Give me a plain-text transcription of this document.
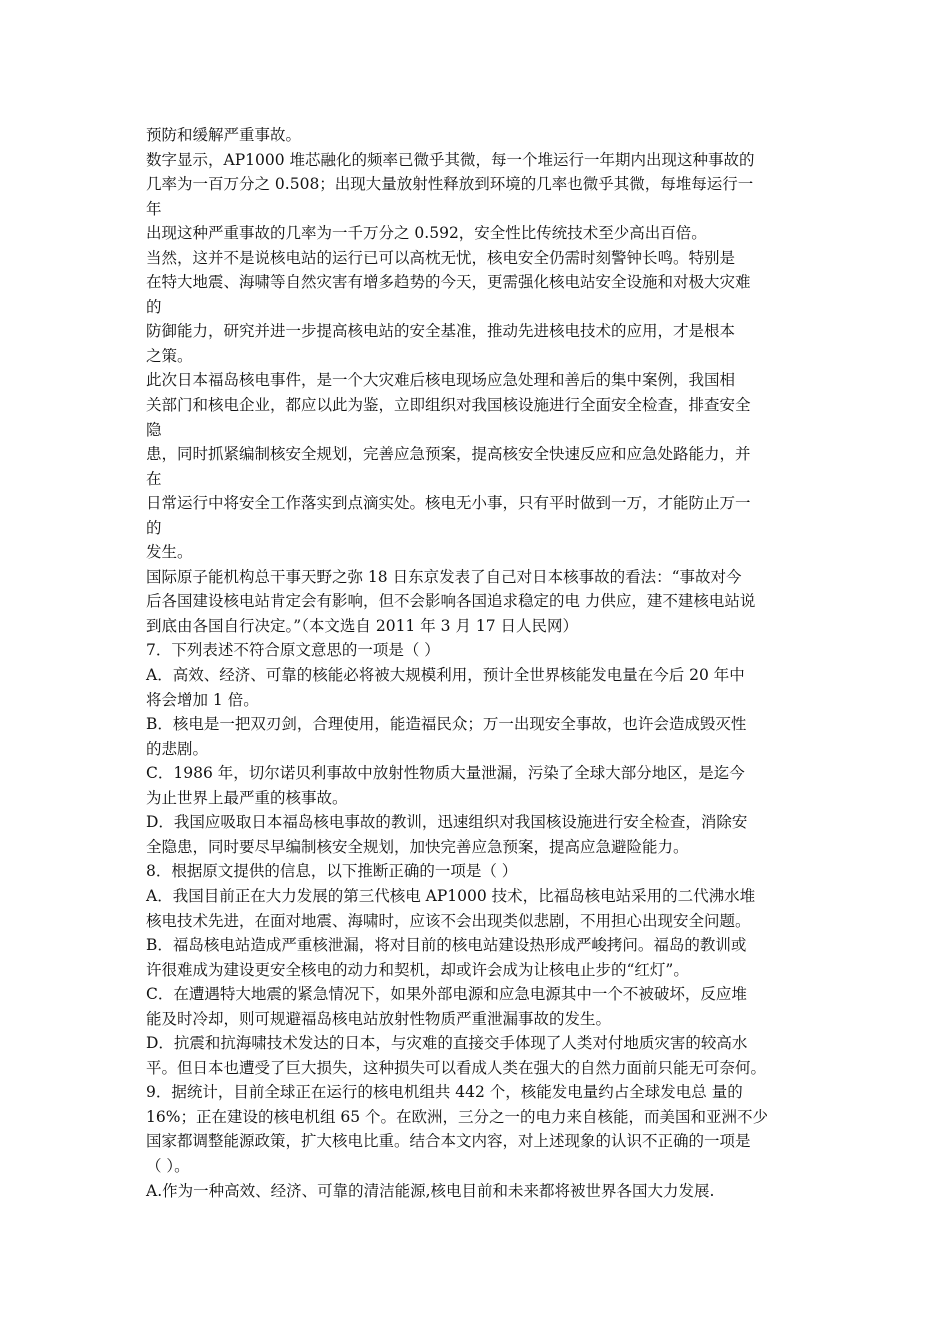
预防和缓解严重事故。
数字显示，AP1000 堆芯融化的频率已微乎其微，每一个堆运行一年期内出现这种事故的
几率为一百万分之 0.508；出现大量放射性释放到环境的几率也微乎其微，每堆每运行一
年
出现这种严重事故的几率为一千万分之 0.592，安全性比传统技术至少高出百倍。
当然，这并不是说核电站的运行已可以高枕无忧，核电安全仍需时刻警钟长鸣。特别是
在特大地震、海啸等自然灾害有增多趋势的今天，更需强化核电站安全设施和对极大灾难
的
防御能力，研究并进一步提高核电站的安全基准，推动先进核电技术的应用，才是根本
之策。
此次日本福岛核电事件，是一个大灾难后核电现场应急处理和善后的集中案例，我国相
关部门和核电企业，都应以此为鉴，立即组织对我国核设施进行全面安全检查，排查安全
隐
患，同时抓紧编制核安全规划，完善应急预案，提高核安全快速反应和应急处路能力，并
在
日常运行中将安全工作落实到点滴实处。核电无小事，只有平时做到一万，才能防止万一
的
发生。
国际原子能机构总干事天野之弥 18 日东京发表了自己对日本核事故的看法：“事故对今
后各国建设核电站肯定会有影响，但不会影响各国追求稳定的电 力供应，建不建核电站说
到底由各国自行决定。”（本文选自 2011 年 3 月 17 日人民网）
7．下列表述不符合原文意思的一项是（ ）
A．高效、经济、可靠的核能必将被大规模利用，预计全世界核能发电量在今后 20 年中
将会增加 1 倍。
B．核电是一把双刃剑，合理使用，能造福民众；万一出现安全事故，也许会造成毁灭性
的悲剧。
C．1986 年，切尔诺贝利事故中放射性物质大量泄漏，污染了全球大部分地区，是迄今
为止世界上最严重的核事故。
D．我国应吸取日本福岛核电事故的教训，迅速组织对我国核设施进行安全检查，消除安
全隐患，同时要尽早编制核安全规划，加快完善应急预案，提高应急避险能力。
8．根据原文提供的信息，以下推断正确的一项是（ ）
A．我国目前正在大力发展的第三代核电 AP1000 技术，比福岛核电站采用的二代沸水堆
核电技术先进，在面对地震、海啸时，应该不会出现类似悲剧，不用担心出现安全问题。
B．福岛核电站造成严重核泄漏，将对目前的核电站建设热形成严峻拷问。福岛的教训或
许很难成为建设更安全核电的动力和契机，却或许会成为让核电止步的“红灯”。
C．在遭遇特大地震的紧急情况下，如果外部电源和应急电源其中一个不被破坏，反应堆
能及时冷却，则可规避福岛核电站放射性物质严重泄漏事故的发生。
D．抗震和抗海啸技术发达的日本，与灾难的直接交手体现了人类对付地质灾害的较高水
平。但日本也遭受了巨大损失，这种损失可以看成人类在强大的自然力面前只能无可奈何。
9．据统计，目前全球正在运行的核电机组共 442 个，核能发电量约占全球发电总 量的
16%；正在建设的核电机组 65 个。在欧洲，三分之一的电力来自核能，而美国和亚洲不少
国家都调整能源政策，扩大核电比重。结合本文内容，对上述现象的认识不正确的一项是
（ ）。
A.作为一种高效、经济、可靠的清洁能源,核电目前和未来都将被世界各国大力发展.
